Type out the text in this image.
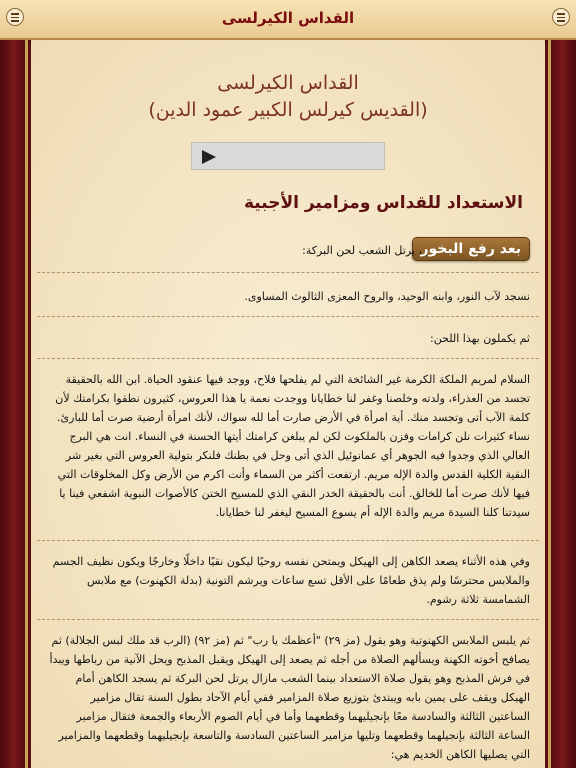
القداس الكيرلسى
القداس الكيرلسى
(القديس كيرلس الكبير عمود الدين)
الاستعداد للقداس ومزامير الأجبية
بعد رفع البخور
، يرتل الشعب لحن البركة:
نسجد لآب النور، وابنه الوحيد، والروح المعزى الثالوث المساوى.
ثم يكملون بهذا اللحن:
السلام لمريم الملكة الكرمة غير الشائخة التي لم يفلحها فلاح، ووجد فيها عنقود الحياة. ابن الله بالحقيقة تجسد من العذراء، ولدته وخلصنا وغفر لنا خطايانا ووجدت نعمة يا هذا العروس، كثيرون نطقوا بكرامتك لأن كلمة الآب أتى وتجسد منك. أية امرأة في الأرض صارت أما لله سواك، لأنك امرأة أرضية صرت أما للبارئ. نساء كثيرات نلن كرامات وفزن بالملكوت لكن لم يبلغن كرامتك أيتها الحسنة في النساء. انت هي البرج العالي الذي وجدوا فيه الجوهر أي عمانوئيل الذي أتى وحل في بطنك فلنكر بتولية العروس التي بغير شر النقية الكلية القدس والدة الإله مريم. ارتفعت أكثر من السماء وأنت اكرم من الأرض وكل المخلوقات التي فيها لأنك صرت أما للخالق. أنت بالحقيقة الخدر النقي الذي للمسيح الختن كالأصوات النبوية اشفعي فينا يا سيدتنا كلنا السيدة مريم والدة الإله أم يسوع المسيح ليغفر لنا خطايانا.
وفي هذه الأثناء يصعد الكاهن إلى الهيكل ويمتحن نفسه روحيًا ليكون نقيًا داخلًا وخارجًا ويكون نظيف الجسم والملابس محترسًا ولم يذق طعامًا على الأقل تسع ساعات ويرشم التونية (بدلة الكهنوت) مع ملابس الشمامسة ثلاثة رشوم.
ثم يلبس الملابس الكهنوتية وهو يقول (مز ٢٩) "أعظمك يا رب" ثم (مز ٩٢) (الرب قد ملك لبس الجلالة) ثم يصافح أخوته الكهنة ويسألهم الصلاة من أجله ثم يصعد إلى الهيكل ويقبل المذبح ويحل الآنية من رباطها ويبدأ في فرش المذبح وهو يقول صلاة الاستعداد بينما الشعب مازال يرتل لحن البركة ثم يسجد الكاهن أمام الهيكل ويقف على يمين بابه ويبتدئ بتوزيع صلاة المزامير ففي أيام الآحاد بطول السنة تقال مزامير الساعتين الثالثة والسادسة معًا بإنجيليهما وقطعهما وأما في أيام الصوم الأربعاء والجمعة فتقال مزامير الساعة الثالثة بإنجيلهما وقطعهما وتليها مزامير الساعتين السادسة والتاسعة بإنجيليهما وقطعهما والمزامير التي يصليها الكاهن الخديم هي:
